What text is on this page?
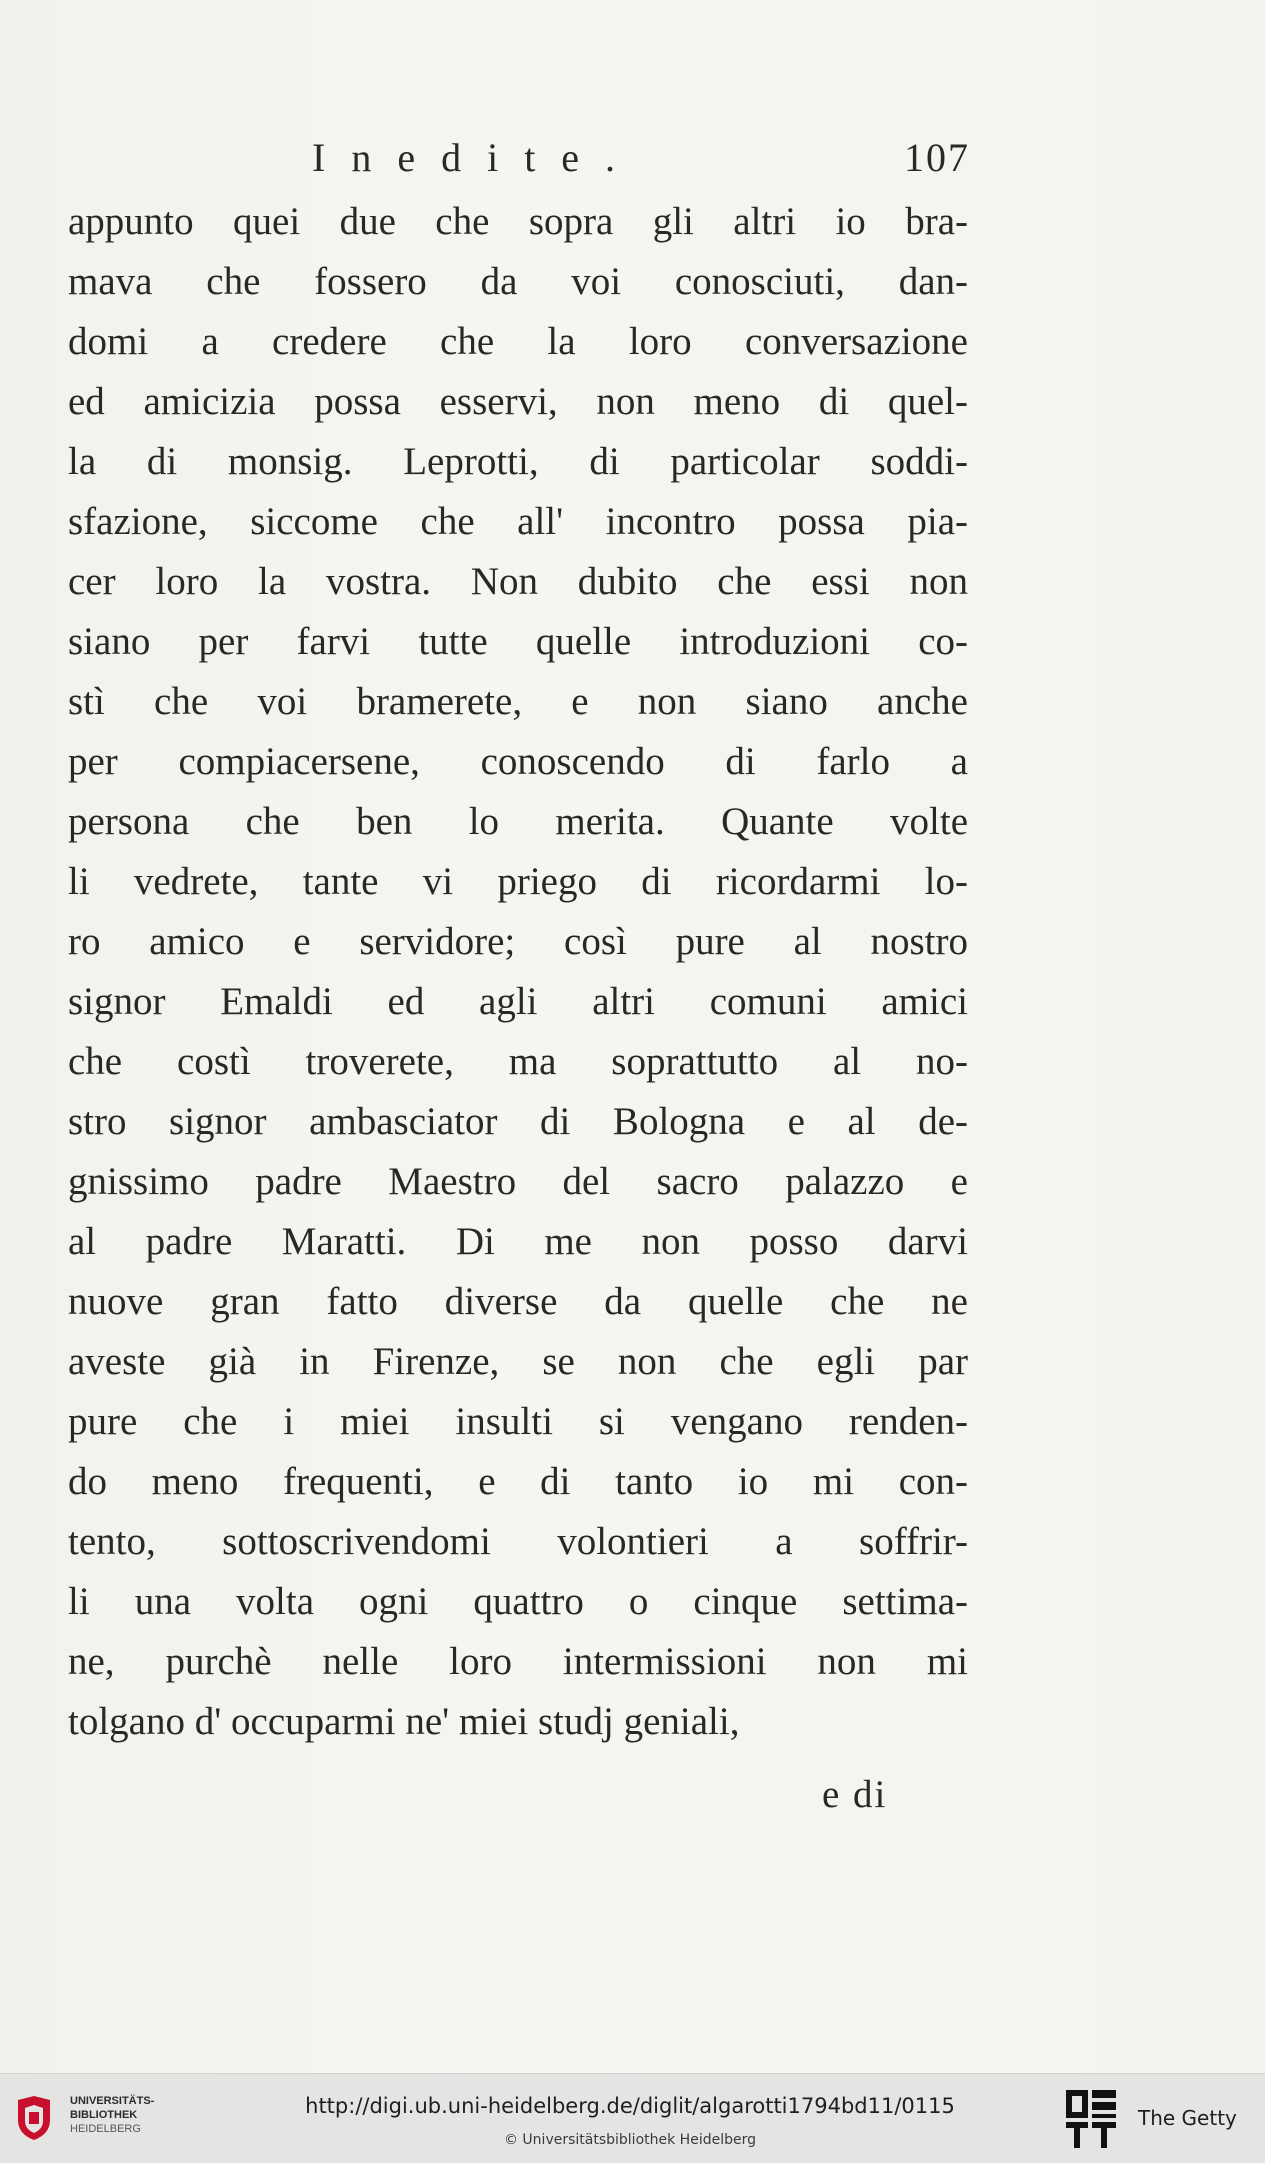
Inedite.	107
appunto quei due che sopra gli altri io bra-
mava che fossero da voi conosciuti, dan-
domi a credere che la loro conversazione
ed amicizia possa esservi, non meno di quel-
la di monsig. Leprotti, di particolar soddi-
sfazione, siccome che all' incontro possa pia-
cer loro la vostra. Non dubito che essi non
siano per farvi tutte quelle introduzioni co-
stì che voi bramerete, e non siano anche
per compiacersene, conoscendo di farlo a
persona che ben lo merita. Quante volte
li vedrete, tante vi priego di ricordarmi lo-
ro amico e servidore; così pure al nostro
signor Emaldi ed agli altri comuni amici
che costì troverete, ma soprattutto al no-
stro signor ambasciator di Bologna e al de-
gnissimo padre Maestro del sacro palazzo e
al padre Maratti. Di me non posso darvi
nuove gran fatto diverse da quelle che ne
aveste già in Firenze, se non che egli par
pure che i miei insulti si vengano renden-
do meno frequenti, e di tanto io mi con-
tento, sottoscrivendomi volontieri a soffrir-
li una volta ogni quattro o cinque settima-
ne, purchè nelle loro intermissioni non mi
tolgano d' occuparmi ne' miei studj geniali,
e di
UNIVERSITÄTS-
BIBLIOTHEK
HEIDELBERG
http://digi.ub.uni-heidelberg.de/diglit/algarotti1794bd11/0115
© Universitätsbibliothek Heidelberg
The Getty
